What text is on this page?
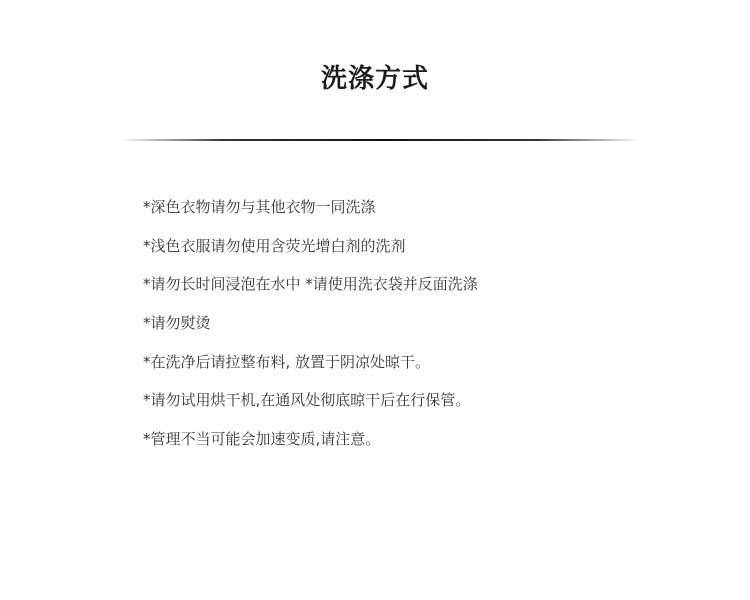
洗涤方式
*深色衣物请勿与其他衣物一同洗涤
*浅色衣服请勿使用含荧光增白剂的洗剂
*请勿长时间浸泡在水中 *请使用洗衣袋并反面洗涤
*请勿熨烫
*在洗净后请拉整布料, 放置于阴凉处晾干。
*请勿试用烘干机,在通风处彻底晾干后在行保管。
*管理不当可能会加速变质,请注意。
